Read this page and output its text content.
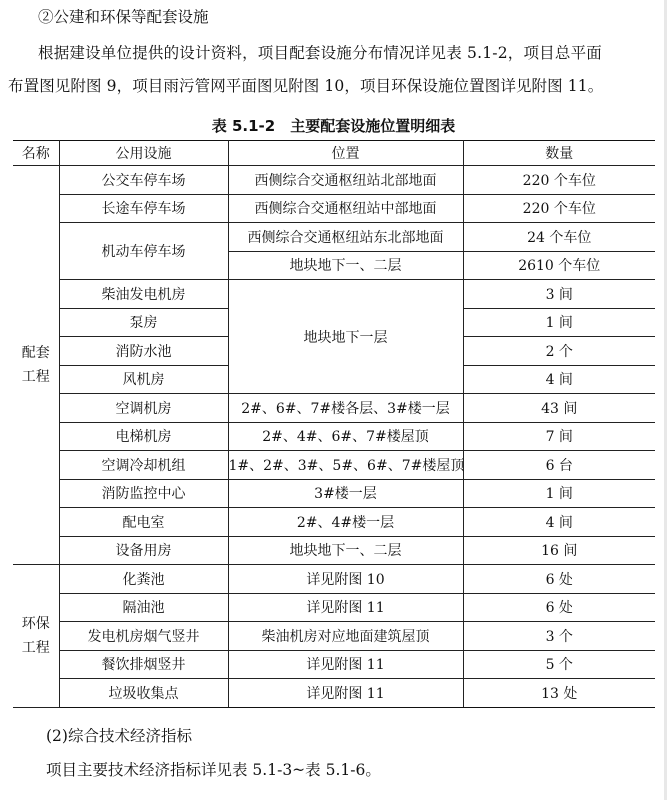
②公建和环保等配套设施
根据建设单位提供的设计资料，项目配套设施分布情况详见表 5.1-2，项目总平面
布置图见附图 9，项目雨污管网平面图见附图 10，项目环保设施位置图详见附图 11。
表 5.1-2　主要配套设施位置明细表
名称	公用设施	位置	数量
配套
工程	公交车停车场	西侧综合交通枢纽站北部地面	220 个车位
	长途车停车场	西侧综合交通枢纽站中部地面	220 个车位
	机动车停车场	西侧综合交通枢纽站东北部地面	24 个车位
		地块地下一、二层	2610 个车位
	柴油发电机房	地块地下一层	3 间
	泵房		1 间
	消防水池		2 个
	风机房		4 间
	空调机房	2#、6#、7#楼各层、3#楼一层	43 间
	电梯机房	2#、4#、6#、7#楼屋顶	7 间
	空调冷却机组	1#、2#、3#、5#、6#、7#楼屋顶	6 台
	消防监控中心	3#楼一层	1 间
	配电室	2#、4#楼一层	4 间
	设备用房	地块地下一、二层	16 间
环保
工程	化粪池	详见附图 10	6 处
	隔油池	详见附图 11	6 处
	发电机房烟气竖井	柴油机房对应地面建筑屋顶	3 个
	餐饮排烟竖井	详见附图 11	5 个
	垃圾收集点	详见附图 11	13 处
(2)综合技术经济指标
项目主要技术经济指标详见表 5.1-3~表 5.1-6。
